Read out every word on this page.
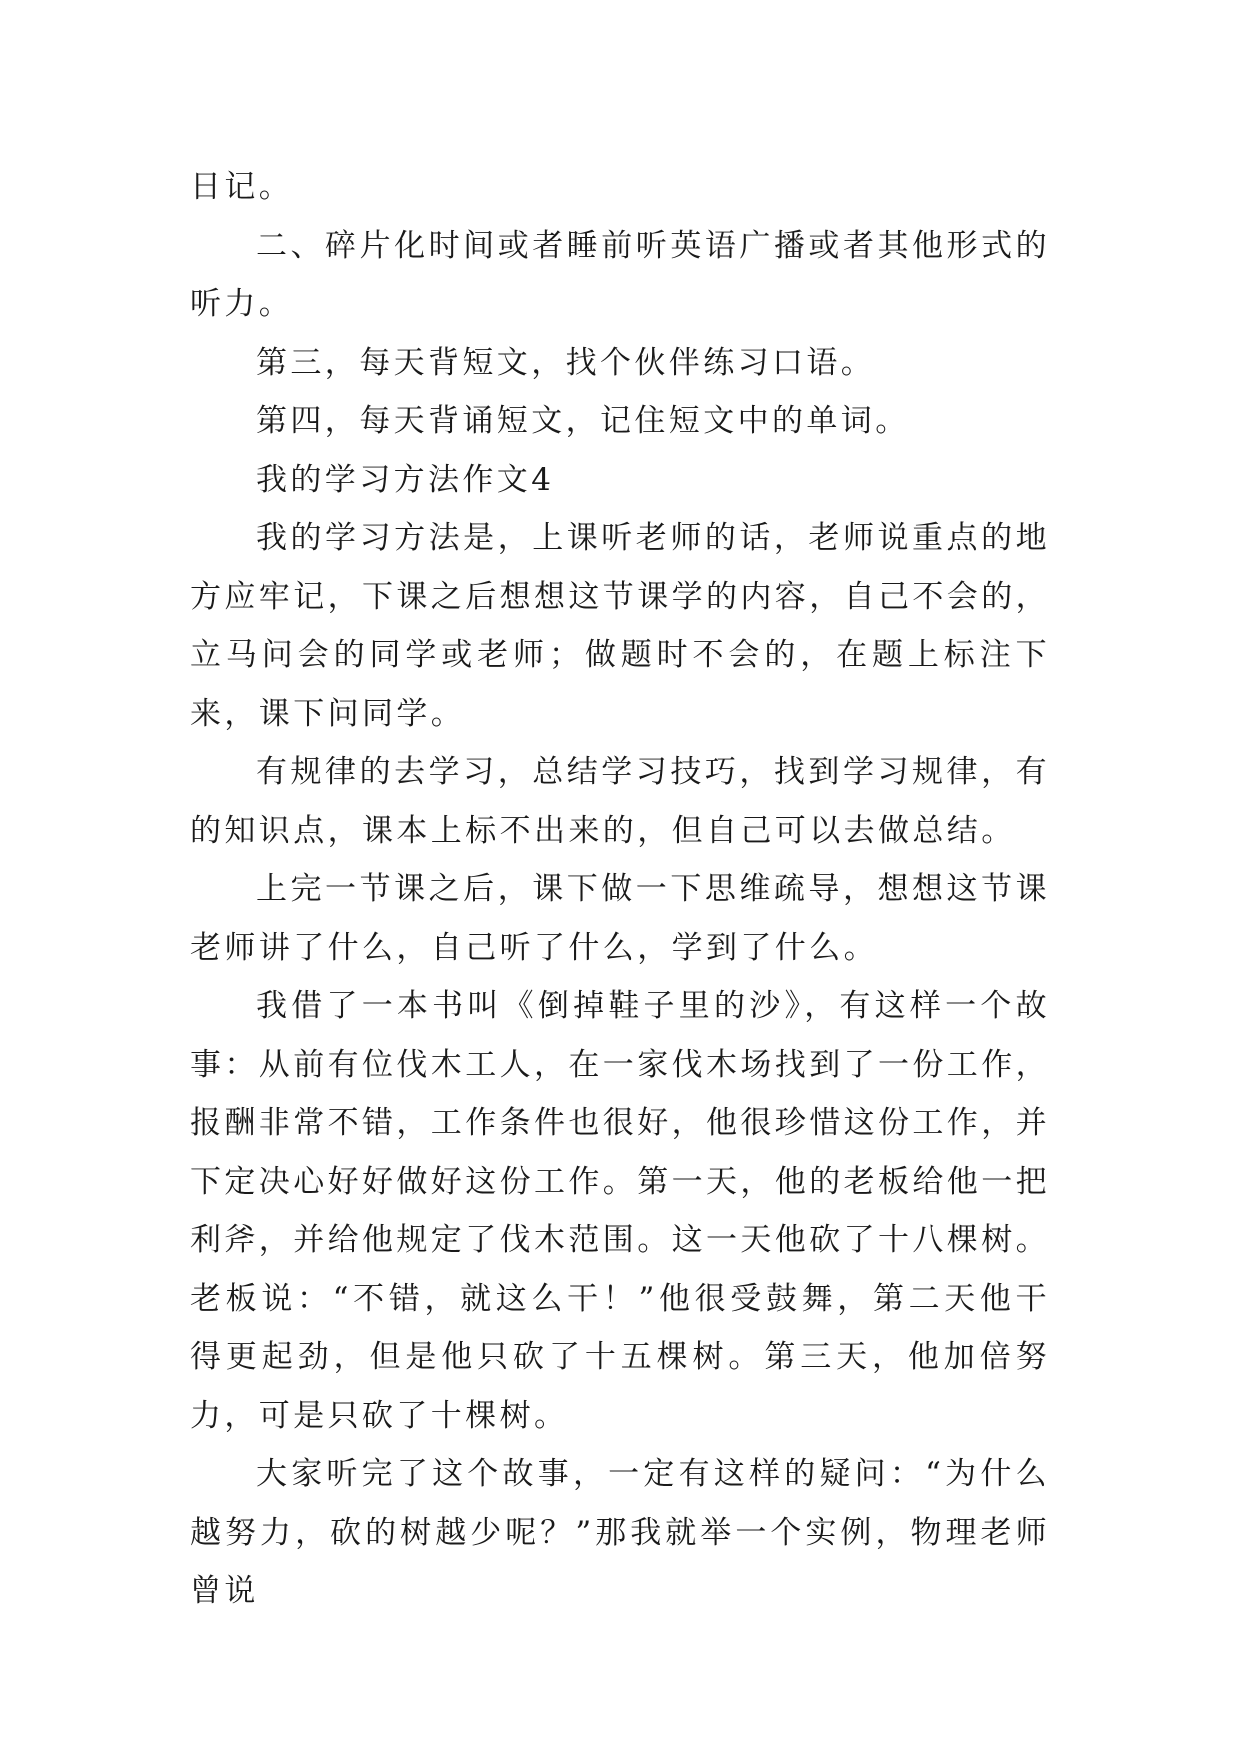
日记。

二、碎片化时间或者睡前听英语广播或者其他形式的听力。

第三，每天背短文，找个伙伴练习口语。

第四，每天背诵短文，记住短文中的单词。

我的学习方法作文4

我的学习方法是，上课听老师的话，老师说重点的地方应牢记，下课之后想想这节课学的内容，自己不会的，立马问会的同学或老师；做题时不会的，在题上标注下来，课下问同学。

有规律的去学习，总结学习技巧，找到学习规律，有的知识点，课本上标不出来的，但自己可以去做总结。

上完一节课之后，课下做一下思维疏导，想想这节课老师讲了什么，自己听了什么，学到了什么。

我借了一本书叫《倒掉鞋子里的沙》，有这样一个故事：从前有位伐木工人，在一家伐木场找到了一份工作，报酬非常不错，工作条件也很好，他很珍惜这份工作，并下定决心好好做好这份工作。第一天，他的老板给他一把利斧，并给他规定了伐木范围。这一天他砍了十八棵树。老板说：“不错，就这么干！”他很受鼓舞，第二天他干得更起劲，但是他只砍了十五棵树。第三天，他加倍努力，可是只砍了十棵树。

大家听完了这个故事，一定有这样的疑问：“为什么越努力，砍的树越少呢？”那我就举一个实例，物理老师曾说
